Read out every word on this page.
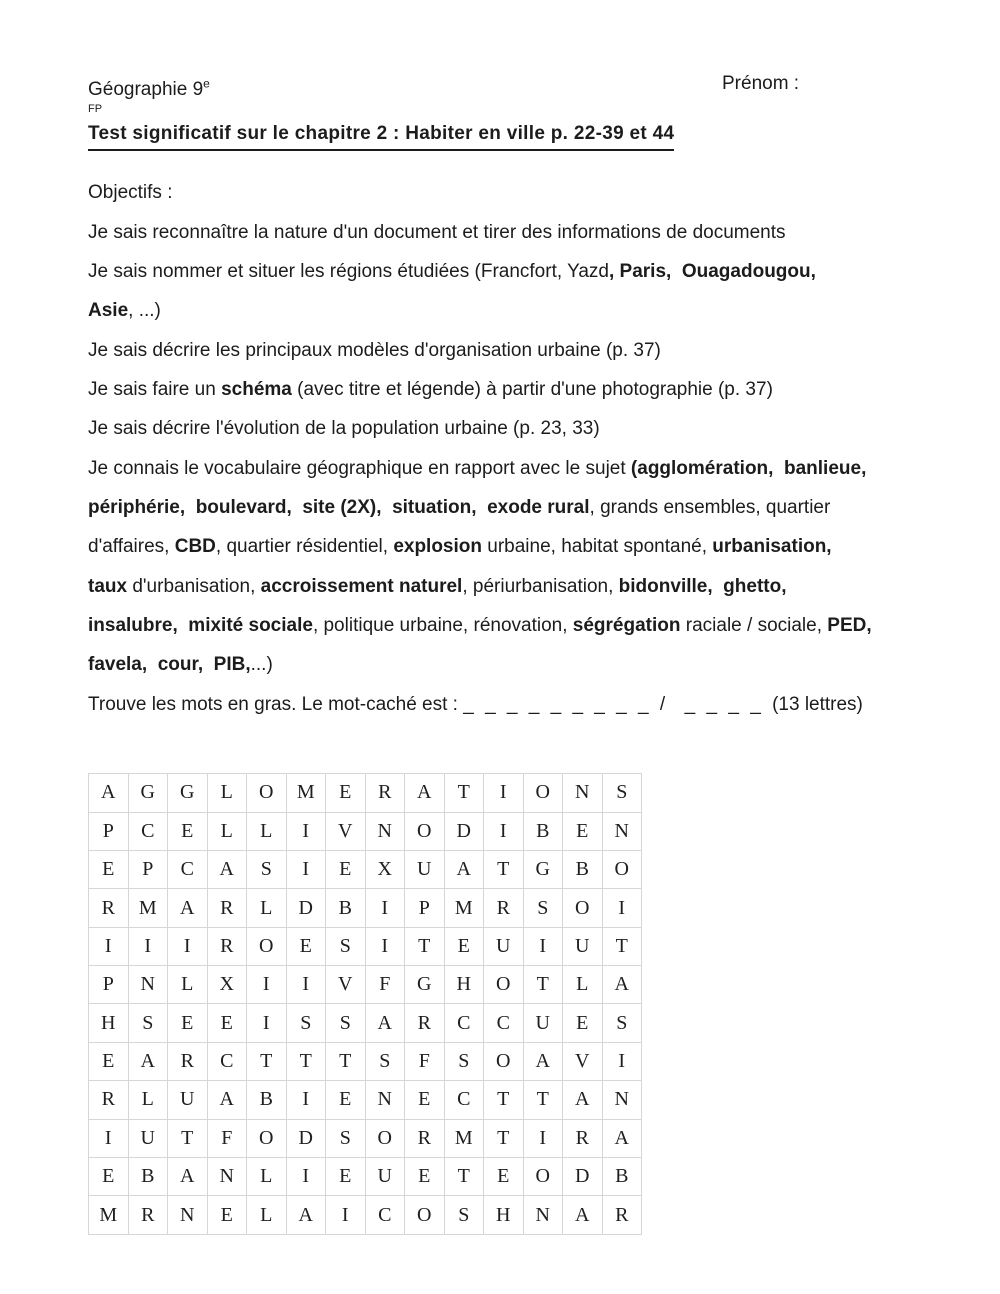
Géographie 9e	Prénom :
FP
Test significatif sur le chapitre 2 : Habiter en ville p. 22-39 et 44
Objectifs :
Je sais reconnaître la nature d'un document et tirer des informations de documents
Je sais nommer et situer les régions étudiées (Francfort, Yazd, Paris,  Ouagadougou,
Asie, ...)
Je sais décrire les principaux modèles d'organisation urbaine (p. 37)
Je sais faire un schéma (avec titre et légende) à partir d'une photographie (p. 37)
Je sais décrire l'évolution de la population urbaine (p. 23, 33)
Je connais le vocabulaire géographique en rapport avec le sujet (agglomération,  banlieue,
périphérie,  boulevard,  site (2X),  situation,  exode rural, grands ensembles, quartier
d'affaires, CBD, quartier résidentiel, explosion urbaine, habitat spontané, urbanisation,
taux d'urbanisation, accroissement naturel, périurbanisation, bidonville,  ghetto,
insalubre,  mixité sociale, politique urbaine, rénovation, ségrégation raciale / sociale, PED,
favela,  cour,  PIB,...)
Trouve les mots en gras. Le mot-caché est : _ _ _ _ _ _ _ _ _ /  _ _ _ _ (13 lettres)
A	G	G	L	O	M	E	R	A	T	I	O	N	S
P	C	E	L	L	I	V	N	O	D	I	B	E	N
E	P	C	A	S	I	E	X	U	A	T	G	B	O
R	M	A	R	L	D	B	I	P	M	R	S	O	I
I	I	I	R	O	E	S	I	T	E	U	I	U	T
P	N	L	X	I	I	V	F	G	H	O	T	L	A
H	S	E	E	I	S	S	A	R	C	C	U	E	S
E	A	R	C	T	T	T	S	F	S	O	A	V	I
R	L	U	A	B	I	E	N	E	C	T	T	A	N
I	U	T	F	O	D	S	O	R	M	T	I	R	A
E	B	A	N	L	I	E	U	E	T	E	O	D	B
M	R	N	E	L	A	I	C	O	S	H	N	A	R
